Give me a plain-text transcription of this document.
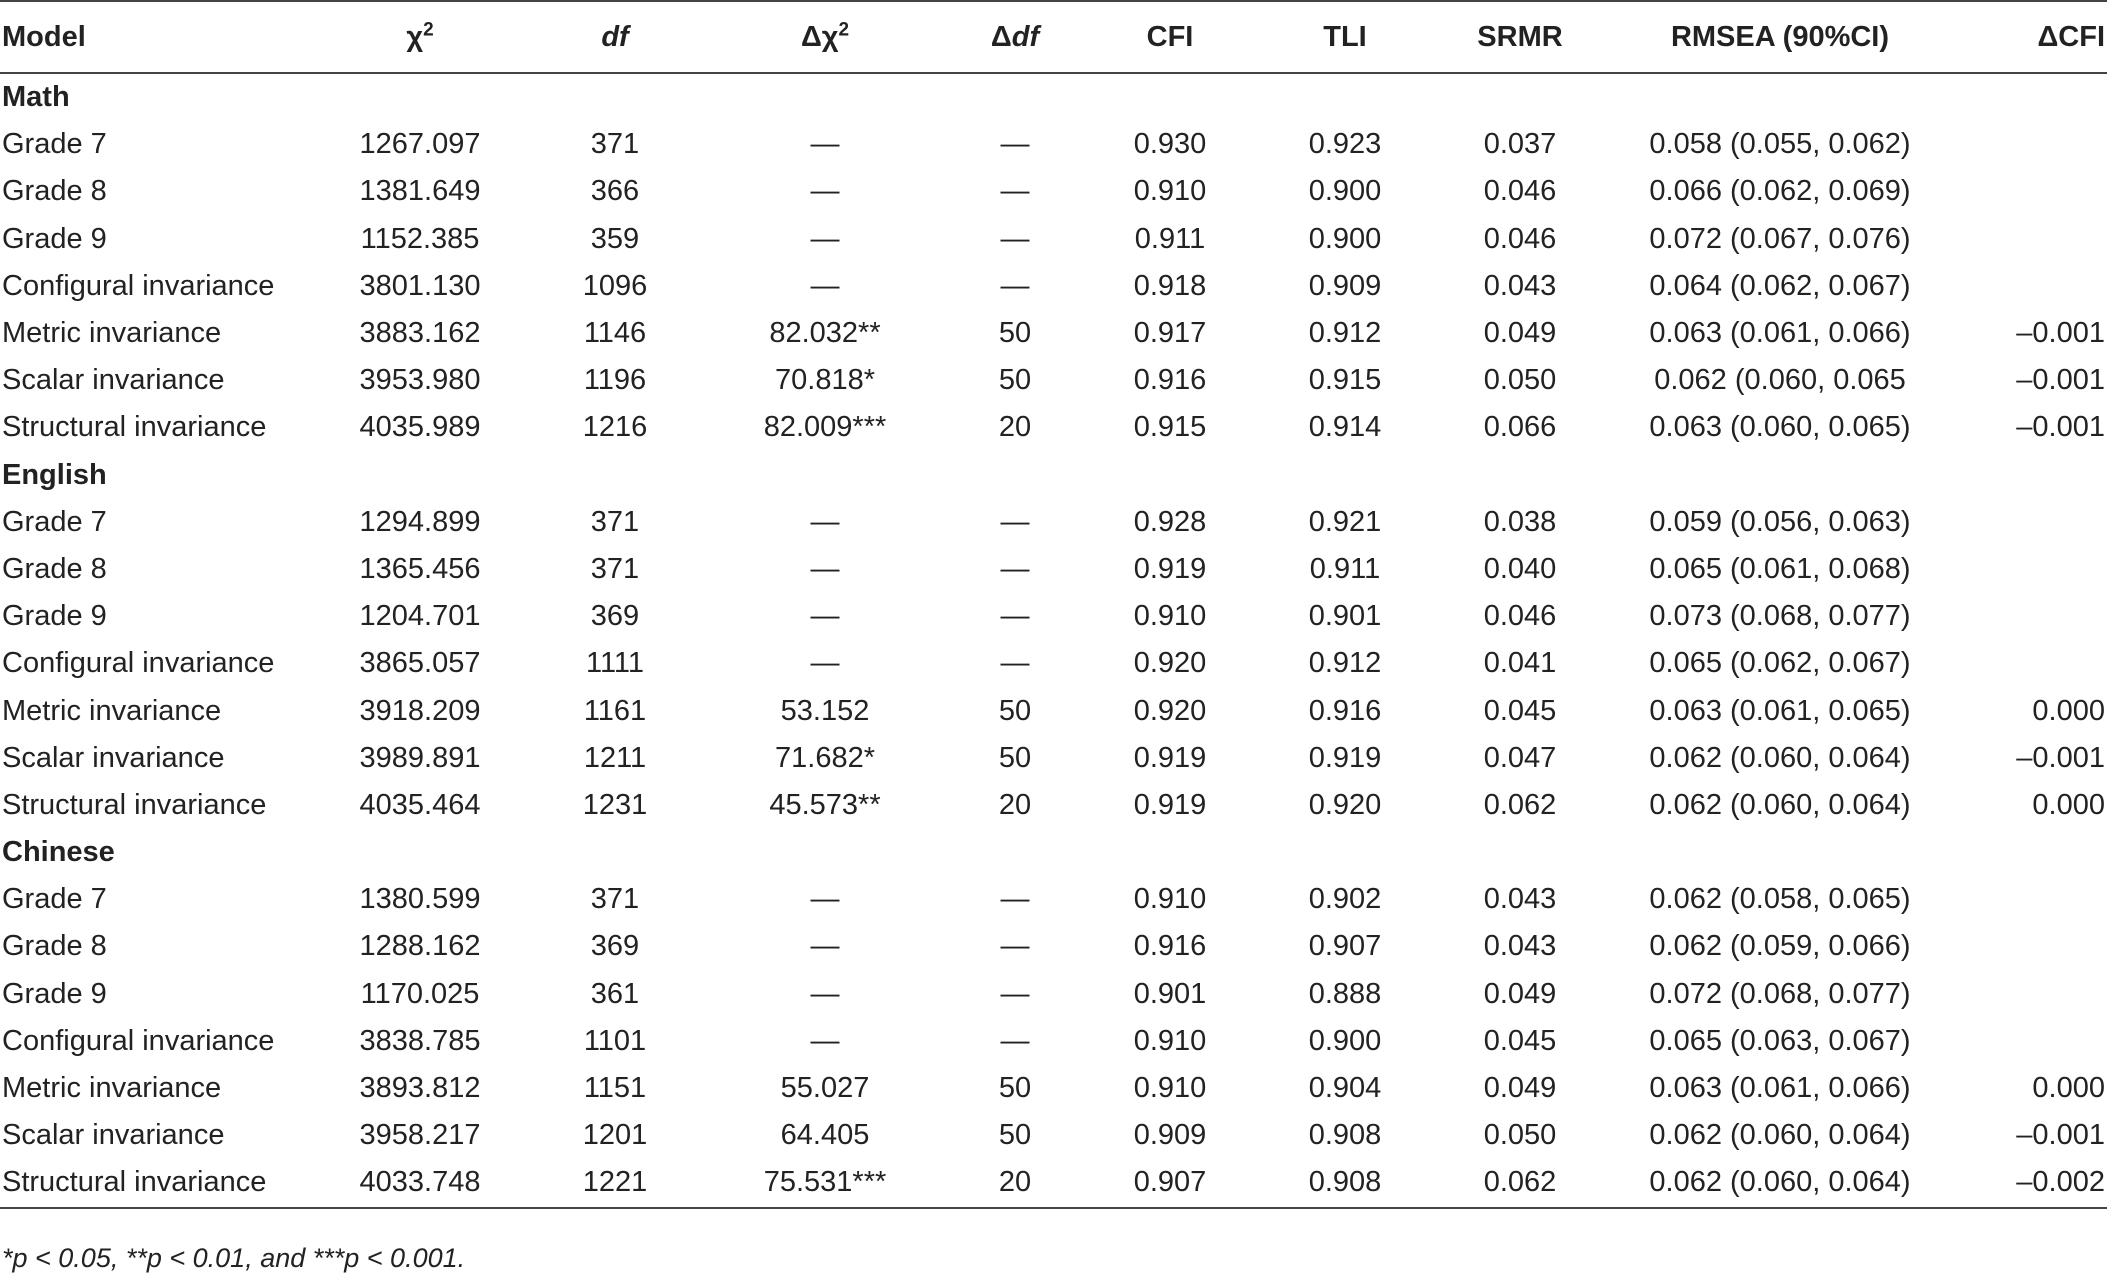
Model	$\chi^2$	df	$\Delta\chi^2$	Δdf	CFI	TLI	SRMR	RMSEA (90%CI)	ΔCFI
Math									
Grade 7	1267.097	371	—	—	0.930	0.923	0.037	0.058 (0.055, 0.062)	
Grade 8	1381.649	366	—	—	0.910	0.900	0.046	0.066 (0.062, 0.069)	
Grade 9	1152.385	359	—	—	0.911	0.900	0.046	0.072 (0.067, 0.076)	
Configural invariance	3801.130	1096	—	—	0.918	0.909	0.043	0.064 (0.062, 0.067)	
Metric invariance	3883.162	1146	82.032**	50	0.917	0.912	0.049	0.063 (0.061, 0.066)	–0.001
Scalar invariance	3953.980	1196	70.818*	50	0.916	0.915	0.050	0.062 (0.060, 0.065	–0.001
Structural invariance	4035.989	1216	82.009***	20	0.915	0.914	0.066	0.063 (0.060, 0.065)	–0.001
English									
Grade 7	1294.899	371	—	—	0.928	0.921	0.038	0.059 (0.056, 0.063)	
Grade 8	1365.456	371	—	—	0.919	0.911	0.040	0.065 (0.061, 0.068)	
Grade 9	1204.701	369	—	—	0.910	0.901	0.046	0.073 (0.068, 0.077)	
Configural invariance	3865.057	1111	—	—	0.920	0.912	0.041	0.065 (0.062, 0.067)	
Metric invariance	3918.209	1161	53.152	50	0.920	0.916	0.045	0.063 (0.061, 0.065)	0.000
Scalar invariance	3989.891	1211	71.682*	50	0.919	0.919	0.047	0.062 (0.060, 0.064)	–0.001
Structural invariance	4035.464	1231	45.573**	20	0.919	0.920	0.062	0.062 (0.060, 0.064)	0.000
Chinese									
Grade 7	1380.599	371	—	—	0.910	0.902	0.043	0.062 (0.058, 0.065)	
Grade 8	1288.162	369	—	—	0.916	0.907	0.043	0.062 (0.059, 0.066)	
Grade 9	1170.025	361	—	—	0.901	0.888	0.049	0.072 (0.068, 0.077)	
Configural invariance	3838.785	1101	—	—	0.910	0.900	0.045	0.065 (0.063, 0.067)	
Metric invariance	3893.812	1151	55.027	50	0.910	0.904	0.049	0.063 (0.061, 0.066)	0.000
Scalar invariance	3958.217	1201	64.405	50	0.909	0.908	0.050	0.062 (0.060, 0.064)	–0.001
Structural invariance	4033.748	1221	75.531***	20	0.907	0.908	0.062	0.062 (0.060, 0.064)	–0.002
*p < 0.05, **p < 0.01, and ***p < 0.001.
